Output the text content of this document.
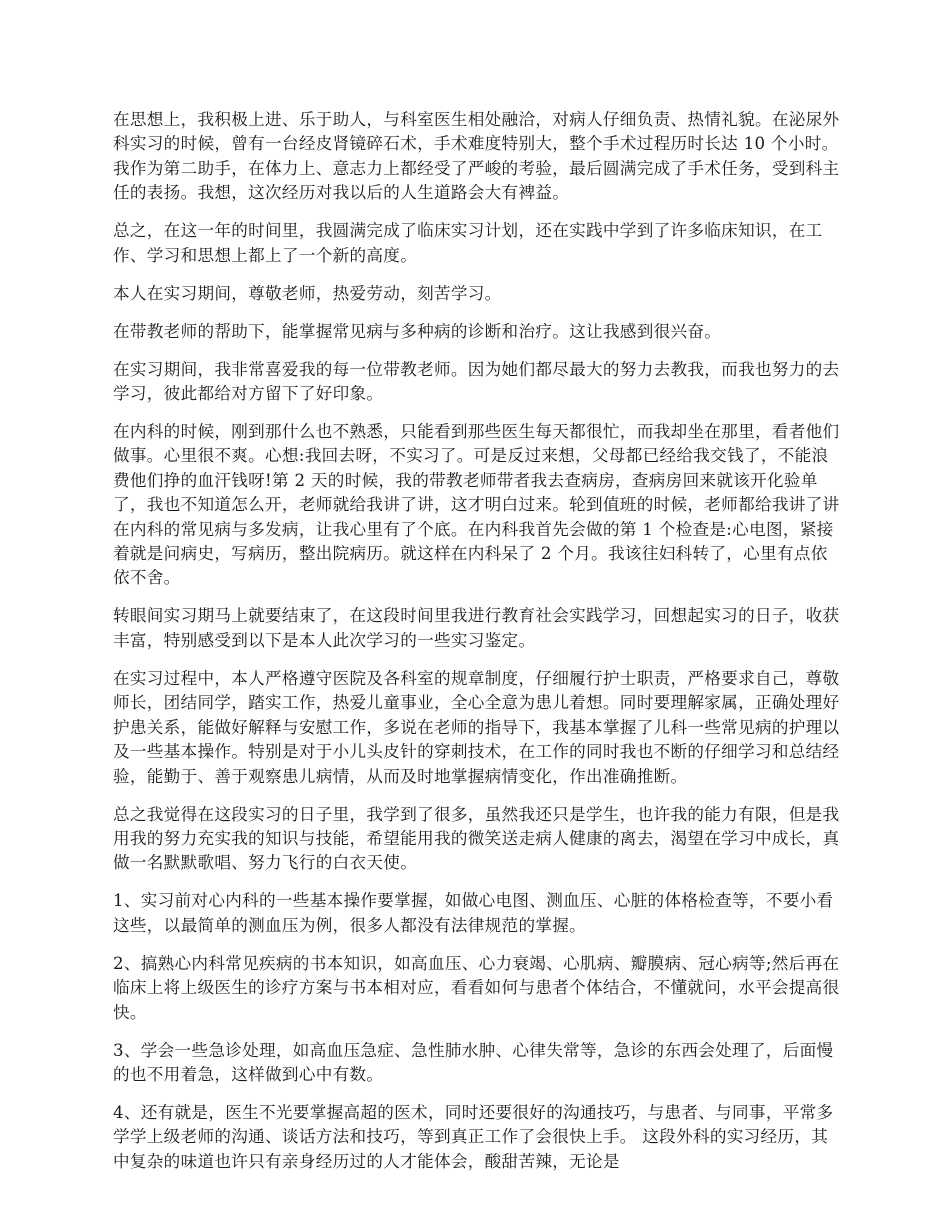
在思想上，我积极上进、乐于助人，与科室医生相处融洽，对病人仔细负责、热情礼貌。在泌尿外科实习的时候，曾有一台经皮肾镜碎石术，手术难度特别大，整个手术过程历时长达 10 个小时。我作为第二助手，在体力上、意志力上都经受了严峻的考验，最后圆满完成了手术任务，受到科主任的表扬。我想，这次经历对我以后的人生道路会大有裨益。

总之，在这一年的时间里，我圆满完成了临床实习计划，还在实践中学到了许多临床知识，在工作、学习和思想上都上了一个新的高度。

本人在实习期间，尊敬老师，热爱劳动，刻苦学习。

在带教老师的帮助下，能掌握常见病与多种病的诊断和治疗。这让我感到很兴奋。

在实习期间，我非常喜爱我的每一位带教老师。因为她们都尽最大的努力去教我，而我也努力的去学习，彼此都给对方留下了好印象。

在内科的时候，刚到那什么也不熟悉，只能看到那些医生每天都很忙，而我却坐在那里，看者他们做事。心里很不爽。心想:我回去呀，不实习了。可是反过来想，父母都已经给我交钱了，不能浪费他们挣的血汗钱呀!第 2 天的时候，我的带教老师带者我去查病房，查病房回来就该开化验单了，我也不知道怎么开，老师就给我讲了讲，这才明白过来。轮到值班的时候，老师都给我讲了讲在内科的常见病与多发病，让我心里有了个底。在内科我首先会做的第 1 个检查是:心电图，紧接着就是问病史，写病历，整出院病历。就这样在内科呆了 2 个月。我该往妇科转了，心里有点依依不舍。

转眼间实习期马上就要结束了，在这段时间里我进行教育社会实践学习，回想起实习的日子，收获丰富，特别感受到以下是本人此次学习的一些实习鉴定。

在实习过程中，本人严格遵守医院及各科室的规章制度，仔细履行护士职责，严格要求自己，尊敬师长，团结同学，踏实工作，热爱儿童事业，全心全意为患儿着想。同时要理解家属，正确处理好护患关系，能做好解释与安慰工作，多说在老师的指导下，我基本掌握了儿科一些常见病的护理以及一些基本操作。特别是对于小儿头皮针的穿刺技术，在工作的同时我也不断的仔细学习和总结经验，能勤于、善于观察患儿病情，从而及时地掌握病情变化，作出准确推断。

总之我觉得在这段实习的日子里，我学到了很多，虽然我还只是学生，也许我的能力有限，但是我用我的努力充实我的知识与技能，希望能用我的微笑送走病人健康的离去，渴望在学习中成长，真做一名默默歌唱、努力飞行的白衣天使。

1、实习前对心内科的一些基本操作要掌握，如做心电图、测血压、心脏的体格检查等，不要小看这些，以最简单的测血压为例，很多人都没有法律规范的掌握。

2、搞熟心内科常见疾病的书本知识，如高血压、心力衰竭、心肌病、瓣膜病、冠心病等;然后再在临床上将上级医生的诊疗方案与书本相对应，看看如何与患者个体结合，不懂就问，水平会提高很快。

3、学会一些急诊处理，如高血压急症、急性肺水肿、心律失常等，急诊的东西会处理了，后面慢的也不用着急，这样做到心中有数。

4、还有就是，医生不光要掌握高超的医术，同时还要很好的沟通技巧，与患者、与同事，平常多学学上级老师的沟通、谈话方法和技巧，等到真正工作了会很快上手。 这段外科的实习经历，其中复杂的味道也许只有亲身经历过的人才能体会，酸甜苦辣，无论是
